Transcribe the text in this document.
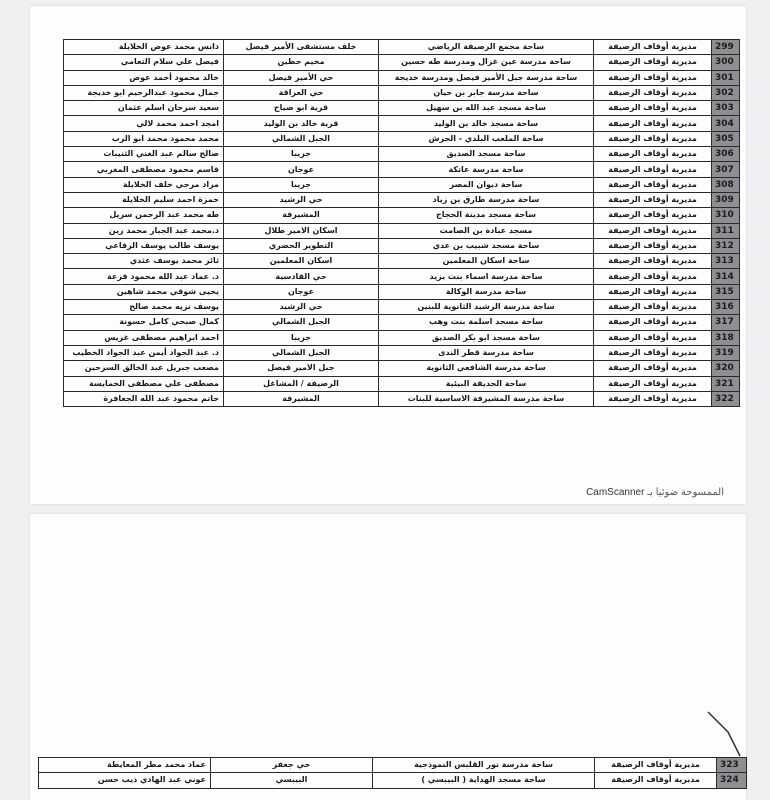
299	مديرية أوقاف الرصيفة	ساحة مجمع الرصيفة الرياضي	خلف مستشفى الأمير فيصل	دانس محمد عوض الخلايلة
300	مديرية أوقاف الرصيفة	ساحة مدرسة عين غزال ومدرسة طه حسين	مخيم حطين	فيصل علي سلام التعامي
301	مديرية أوقاف الرصيفة	ساحة مدرسة جبل الأمير فيصل ومدرسة خديجة	حي الأمير فيصل	خالد محمود أحمد عوض
302	مديرية أوقاف الرصيفة	ساحة مدرسة جابر بن حيان	حي العراقة	جمال محمود عبدالرحيم ابو خديجة
303	مديرية أوقاف الرصيفة	ساحة مسجد عبد الله بن سهيل	قرية ابو صياح	سعيد سرحان اسلم عثمان
304	مديرية أوقاف الرصيفة	ساحة مسجد خالد بن الوليد	قرية خالد بن الوليد	امجد احمد محمد لالي
305	مديرية أوقاف الرصيفة	ساحة الملعب البلدي - الحرش	الجبل الشمالي	محمد محمود محمد ابو الرب
306	مديرية أوقاف الرصيفة	ساحة مسجد الصديق	جريبا	صالح سالم عبد الغني الثنيبات
307	مديرية أوقاف الرصيفة	ساحة مدرسة عاتكة	عوجان	قاسم محمود مصطفى المغربي
308	مديرية أوقاف الرصيفة	ساحة ديوان المصر	جريبا	مراد مرجي خلف الخلايلة
309	مديرية أوقاف الرصيفة	ساحة مدرسة طارق بن زياد	حي الرشيد	حمزة احمد سليم الخلايلة
310	مديرية أوقاف الرصيفة	ساحة مسجد مدينة الحجاج	المشيرفة	طه محمد عبد الرحمن سريل
311	مديرية أوقاف الرصيفة	مسجد عبادة بن الصامت	اسكان الامير طلال	د.محمد عبد الجبار محمد زين
312	مديرية أوقاف الرصيفة	ساحة مسجد شبيب بن عدي	التطوير الحضري	يوسف طالب يوسف الرفاعي
313	مديرية أوقاف الرصيفة	ساحة اسكان المعلمين	اسكان المعلمين	ثائر محمد يوسف عثدي
314	مديرية أوقاف الرصيفة	ساحة مدرسة اسماء بنت يزيد	حي القادسية	د. عماد عبد الله محمود قزعة
315	مديرية أوقاف الرصيفة	ساحة مدرسة الوكالة	عوجان	يحيى شوقي محمد شاهين
316	مديرية أوقاف الرصيفة	ساحة مدرسة الرشيد الثانوية للبنين	حي الرشيد	يوسف نزيه محمد صالح
317	مديرية أوقاف الرصيفة	ساحة مسجد اسلمة بنت وهب	الجبل الشمالي	كمال صبحي كامل حسونة
318	مديرية أوقاف الرصيفة	ساحة مسجد ابو بكر الصديق	جريبا	احمد ابراهيم مصطفى غريس
319	مديرية أوقاف الرصيفة	ساحة مدرسة قطر الندى	الجبل الشمالي	د. عبد الجواد أيمن عبد الجواد الخطيب
320	مديرية أوقاف الرصيفة	ساحة مدرسة الشافعي الثانوية	جبل الامير فيصل	مصعب جبريل عبد الخالق السرحين
321	مديرية أوقاف الرصيفة	ساحة الحديقة البيئية	الرصيفة / المشاغل	مصطفى علي مصطفى الخمايسة
322	مديرية أوقاف الرصيفة	ساحة مدرسة المشيرفة الاساسية للبنات	المشيرفة	حاتم محمود عبد الله الجعافرة
الممسوحة ضوئيا بـ CamScanner
323	مديرية أوقاف الرصيفة	ساحة مدرسة نور القلبس النموذجية	حي جعفر	عماد محمد مطر المعايطة
324	مديرية أوقاف الرصيفة	ساحة مسجد الهداية ( البيبسي )	البيبسي	عوني عبد الهادي ذيب حسن
